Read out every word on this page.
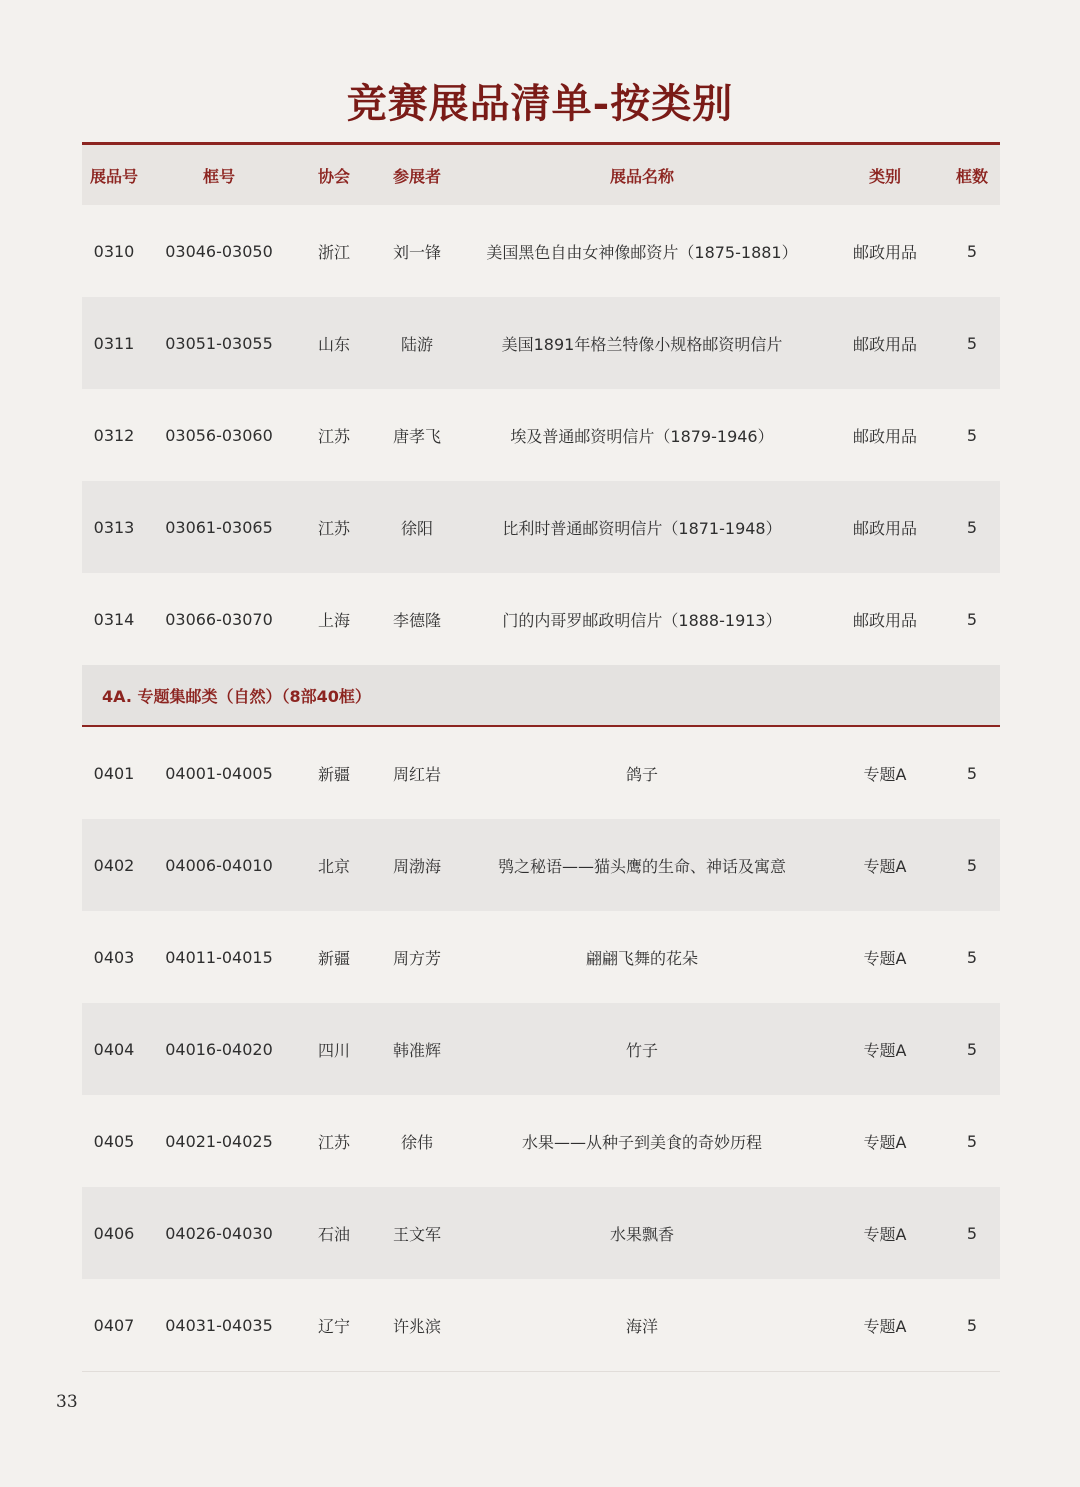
竞赛展品清单-按类别
展品号	框号	协会	参展者	展品名称	类别	框数
0310	03046-03050	浙江	刘一锋	美国黑色自由女神像邮资片（1875-1881）	邮政用品	5
0311	03051-03055	山东	陆游	美国1891年格兰特像小规格邮资明信片	邮政用品	5
0312	03056-03060	江苏	唐孝飞	埃及普通邮资明信片（1879-1946）	邮政用品	5
0313	03061-03065	江苏	徐阳	比利时普通邮资明信片（1871-1948）	邮政用品	5
0314	03066-03070	上海	李德隆	门的内哥罗邮政明信片（1888-1913）	邮政用品	5
4A. 专题集邮类（自然）（8部40框）
0401	04001-04005	新疆	周红岩	鸽子	专题A	5
0402	04006-04010	北京	周渤海	鸮之秘语——猫头鹰的生命、神话及寓意	专题A	5
0403	04011-04015	新疆	周方芳	翩翩飞舞的花朵	专题A	5
0404	04016-04020	四川	韩准辉	竹子	专题A	5
0405	04021-04025	江苏	徐伟	水果——从种子到美食的奇妙历程	专题A	5
0406	04026-04030	石油	王文军	水果飘香	专题A	5
0407	04031-04035	辽宁	许兆滨	海洋	专题A	5
33
